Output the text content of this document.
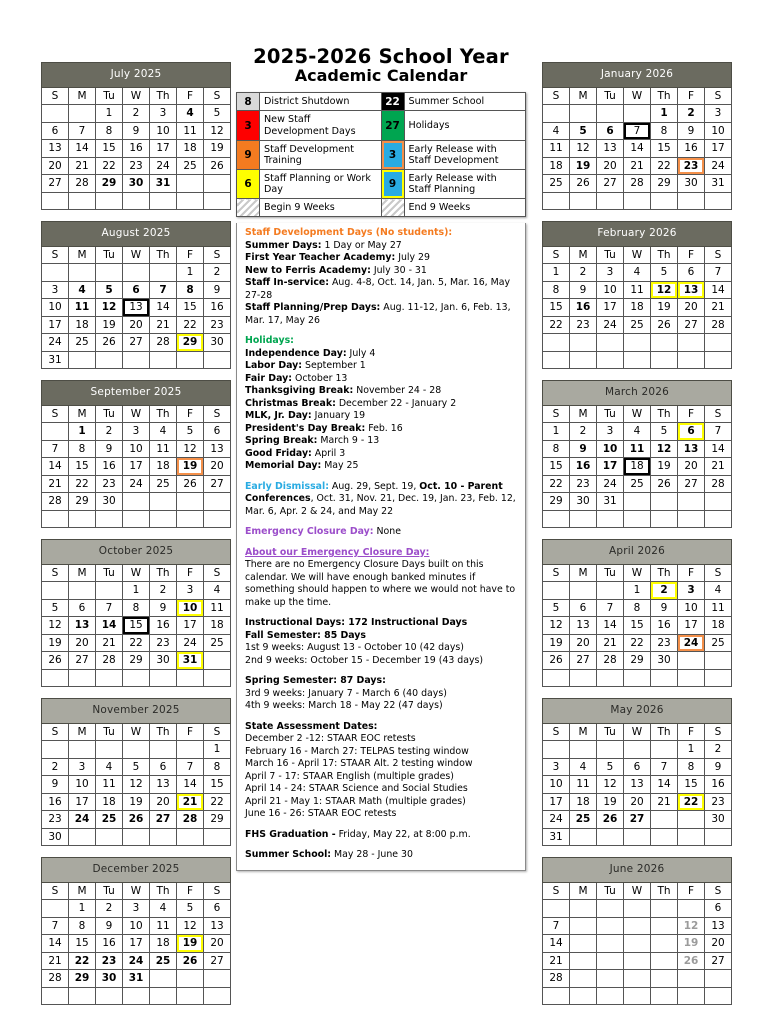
July 2025						
S	M	Tu	W	Th	F	S
		1	2	3	4	5
6	7	8	9	10	11	12
13	14	15	16	17	18	19
20	21	22	23	24	25	26
27	28	29	30	31		

August 2025						
S	M	Tu	W	Th	F	S
					1	2
3	4	5	6	7	8	9
10	11	12	13	14	15	16
17	18	19	20	21	22	23
24	25	26	27	28	29	30
31						
September 2025						
S	M	Tu	W	Th	F	S
	1	2	3	4	5	6
7	8	9	10	11	12	13
14	15	16	17	18	19	20
21	22	23	24	25	26	27
28	29	30				

October 2025						
S	M	Tu	W	Th	F	S
			1	2	3	4
5	6	7	8	9	10	11
12	13	14	15	16	17	18
19	20	21	22	23	24	25
26	27	28	29	30	31	

November 2025						
S	M	Tu	W	Th	F	S
						1
2	3	4	5	6	7	8
9	10	11	12	13	14	15
16	17	18	19	20	21	22
23	24	25	26	27	28	29
30						
December 2025						
S	M	Tu	W	Th	F	S
	1	2	3	4	5	6
7	8	9	10	11	12	13
14	15	16	17	18	19	20
21	22	23	24	25	26	27
28	29	30	31			

January 2026						
S	M	Tu	W	Th	F	S
				1	2	3
4	5	6	7	8	9	10
11	12	13	14	15	16	17
18	19	20	21	22	23	24
25	26	27	28	29	30	31

February 2026						
S	M	Tu	W	Th	F	S
1	2	3	4	5	6	7
8	9	10	11	12	13	14
15	16	17	18	19	20	21
22	23	24	25	26	27	28

March 2026						
S	M	Tu	W	Th	F	S
1	2	3	4	5	6	7
8	9	10	11	12	13	14
15	16	17	18	19	20	21
22	23	24	25	26	27	28
29	30	31				

April 2026						
S	M	Tu	W	Th	F	S
			1	2	3	4
5	6	7	8	9	10	11
12	13	14	15	16	17	18
19	20	21	22	23	24	25
26	27	28	29	30		

May 2026						
S	M	Tu	W	Th	F	S
					1	2
3	4	5	6	7	8	9
10	11	12	13	14	15	16
17	18	19	20	21	22	23
24	25	26	27	28	29	30
31						
June 2026						
S	M	Tu	W	Th	F	S
	1	2	3	4	5	6
7	8	9	10	11	12	13
14	15	16	17	18	19	20
21	22	23	24	25	26	27
28	29	30				

2025-2026 School Year
Academic Calendar
8	District Shutdown	22	Summer School
3	New Staff Development Days	27	Holidays
9	Staff Development Training	3	Early Release with Staff Development
6	Staff Planning or Work Day	9	Early Release with Staff Planning
	Begin 9 Weeks		End 9 Weeks
Staff Development Days (No students):
Summer Days: 1 Day or May 27
First Year Teacher Academy: July 29
New to Ferris Academy: July 30 - 31
Staff In-service: Aug. 4-8, Oct. 14, Jan. 5, Mar. 16, May 27-28
Staff Planning/Prep Days: Aug. 11-12, Jan. 6, Feb. 13, Mar. 17, May 26
Holidays:
Independence Day: July 4
Labor Day: September 1
Fair Day: October 13
Thanksgiving Break: November 24 - 28
Christmas Break: December 22 - January 2
MLK, Jr. Day: January 19
President's Day Break: Feb. 16
Spring Break: March 9 - 13
Good Friday: April 3
Memorial Day: May 25
Early Dismissal: Aug. 29, Sept. 19, Oct. 10 - Parent Conferences, Oct. 31, Nov. 21, Dec. 19, Jan. 23, Feb. 12, Mar. 6, Apr. 2 & 24, and May 22
Emergency Closure Day: None
About our Emergency Closure Day:
There are no Emergency Closure Days built on this calendar. We will have enough banked minutes if something should happen to where we would not have to make up the time.
Instructional Days: 172 Instructional Days
Fall Semester: 85 Days
1st 9 weeks: August 13 - October 10 (42 days)
2nd 9 weeks: October 15 - December 19 (43 days)
Spring Semester: 87 Days:
3rd 9 weeks: January 7 - March 6 (40 days)
4th 9 weeks: March 18 - May 22 (47 days)
State Assessment Dates:
December 2 -12: STAAR EOC retests
February 16 - March 27: TELPAS testing window
March 16 - April 17: STAAR Alt. 2 testing window
April 7 - 17: STAAR English (multiple grades)
April 14 - 24: STAAR Science and Social Studies
April 21 - May 1: STAAR Math (multiple grades)
June 16 - 26: STAAR EOC retests
FHS Graduation - Friday, May 22, at 8:00 p.m.
Summer School: May 28 - June 30
